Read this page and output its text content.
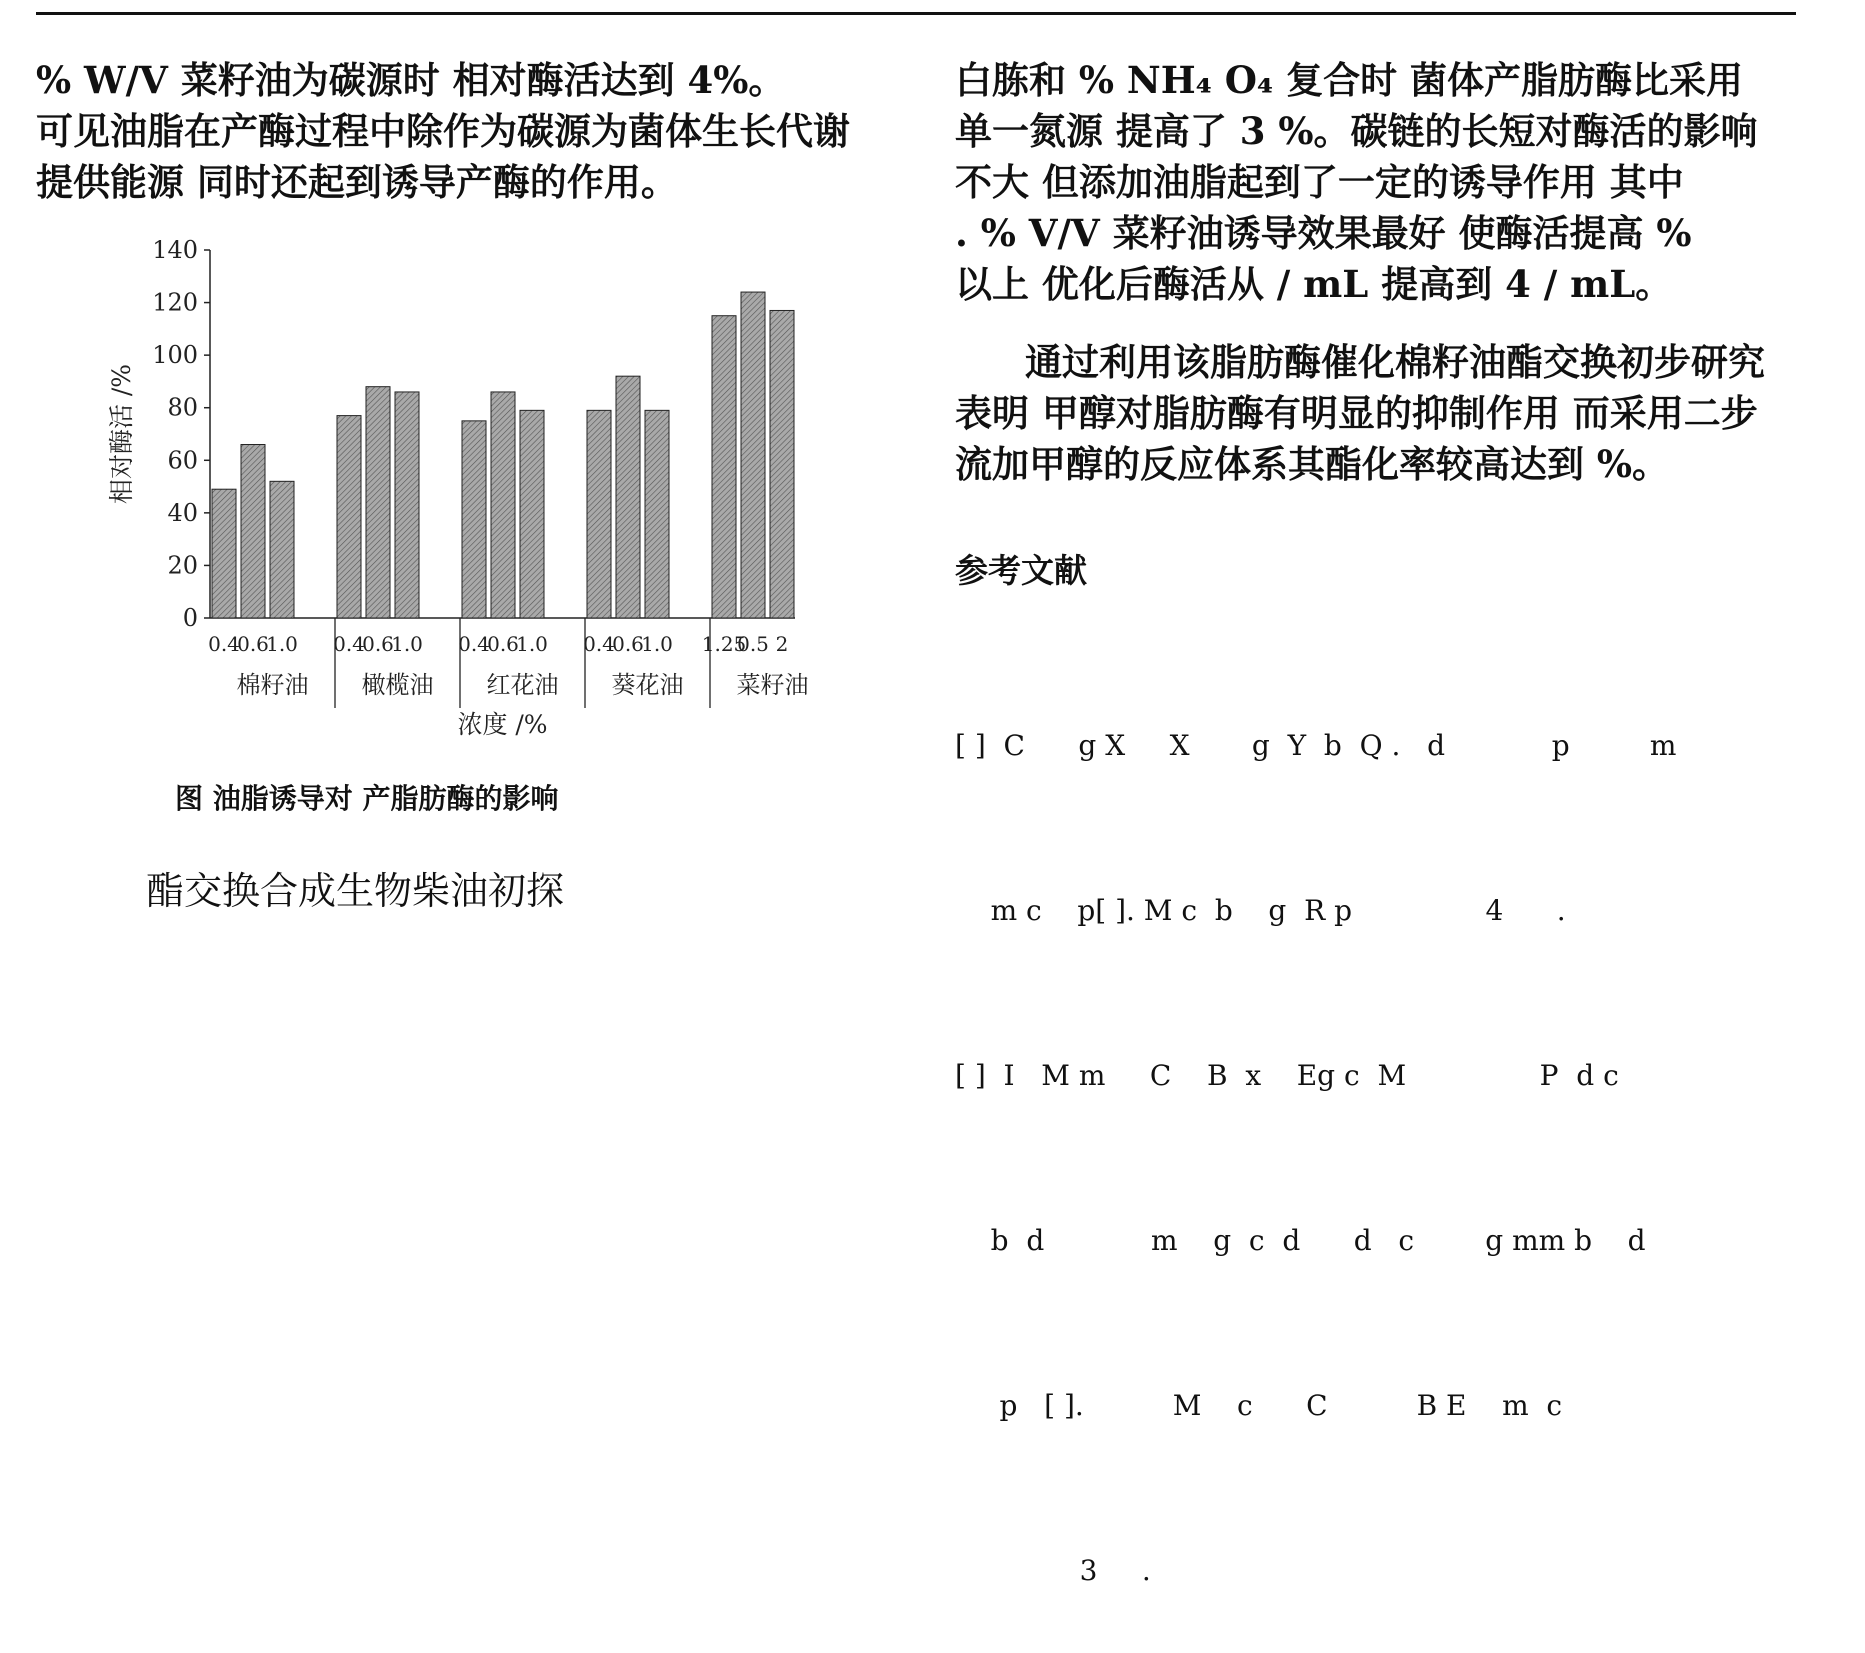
% W/V 菜籽油为碳源时 相对酶活达到 4%。
可见油脂在产酶过程中除作为碳源为菌体生长代谢
提供能源 同时还起到诱导产酶的作用。
0
20
40
60
80
100
120
140
相对酶活 /%
0.4
0.6
1.0
棉籽油
0.4
0.6
1.0
橄榄油
0.4
0.6
1.0
红花油
0.4
0.6
1.0
葵花油
1.25
0.5 2
菜籽油
浓度 /%
图 油脂诱导对 产脂肪酶的影响
酯交换合成生物柴油初探
白胨和 % NH₄ O₄ 复合时 菌体产脂肪酶比采用
单一氮源 提高了 3 %。碳链的长短对酶活的影响
不大 但添加油脂起到了一定的诱导作用 其中
. % V/V 菜籽油诱导效果最好 使酶活提高 %
以上 优化后酶活从 / mL 提高到 4 / mL。
通过利用该脂肪酶催化棉籽油酯交换初步研究
表明 甲醇对脂肪酶有明显的抑制作用 而采用二步
流加甲醇的反应体系其酯化率较高达到 %。
参考文献

[ ]  C      g X     X       g  Y  b  Q .   d            p         m

m c    p[ ]. M c  b    g  R p               4      .

[ ]  I   M m     C    B  x    Eg c  M               P  d c

b  d            m    g  c  d      d   c        g mm b    d

p   [ ].          M    c      C          B E    m  c

3     .
